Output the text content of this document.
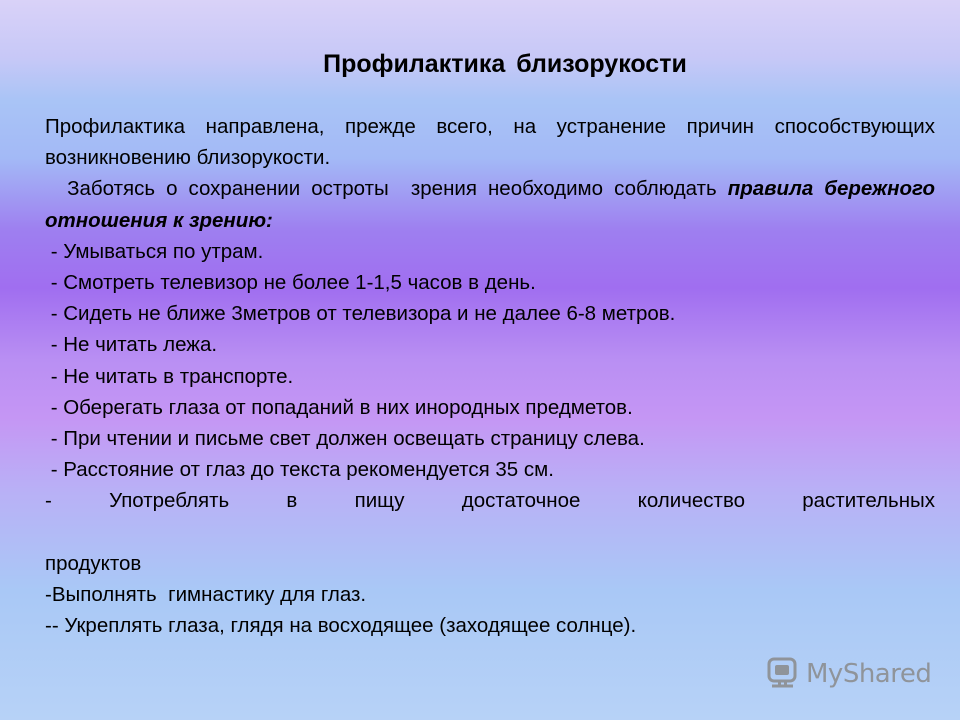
Профилактика близорукости

Профилактика направлена, прежде всего, на устранение причин способствующих возникновению близорукости.

Заботясь о сохранении остроты  зрения необходимо соблюдать правила бережного отношения к зрению:

- Умываться по утрам.

- Смотреть телевизор не более 1-1,5 часов в день.

- Сидеть не ближе 3метров от телевизора и не далее 6-8 метров.

- Не читать лежа.

- Не читать в транспорте.

- Оберегать глаза от попаданий в них инородных предметов.

- При чтении и письме свет должен освещать страницу слева.

- Расстояние от глаз до текста рекомендуется 35 см.

- Употреблять в пищу достаточное количество растительных

продуктов

-Выполнять  гимнастику для глаз.

-- Укреплять глаза, глядя на восходящее (заходящее солнце).

MyShared
